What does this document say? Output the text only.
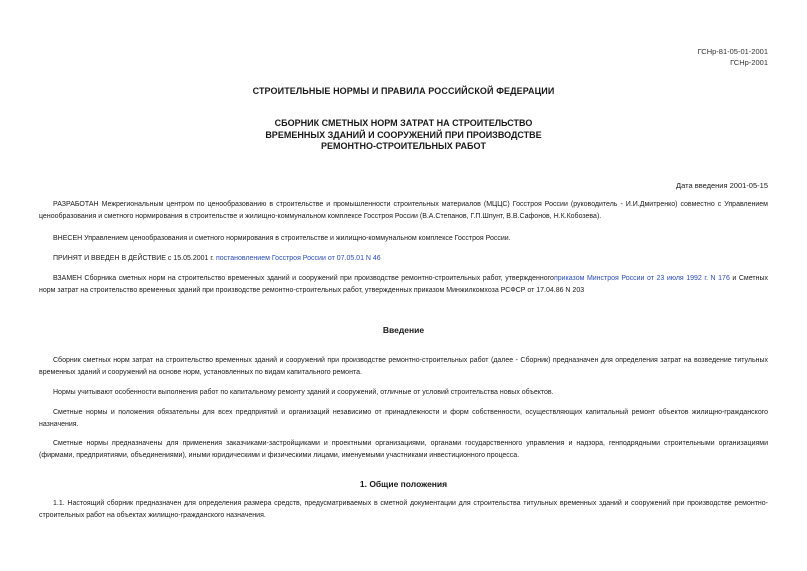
ГСНр-81-05-01-2001
ГСНр-2001
СТРОИТЕЛЬНЫЕ НОРМЫ И ПРАВИЛА РОССИЙСКОЙ ФЕДЕРАЦИИ
СБОРНИК СМЕТНЫХ НОРМ ЗАТРАТ НА СТРОИТЕЛЬСТВО
ВРЕМЕННЫХ ЗДАНИЙ И СООРУЖЕНИЙ ПРИ ПРОИЗВОДСТВЕ
РЕМОНТНО-СТРОИТЕЛЬНЫХ РАБОТ
Дата введения 2001-05-15
РАЗРАБОТАН Межрегиональным центром по ценообразованию в строительстве и промышленности строительных материалов (МЦЦС) Госстроя России (руководитель - И.И.Дмитренко) совместно с Управлением ценообразования и сметного нормирования в строительстве и жилищно-коммунальном комплексе Госстроя России (В.А.Степанов, Г.П.Шпунт, В.В.Сафонов, Н.К.Кобозева).
ВНЕСЕН Управлением ценообразования и сметного нормирования в строительстве и жилищно-коммунальном комплексе Госстроя России.
ПРИНЯТ И ВВЕДЕН В ДЕЙСТВИЕ с 15.05.2001 г. постановлением Госстроя России от 07.05.01 N 46
ВЗАМЕН Сборника сметных норм на строительство временных зданий и сооружений при производстве ремонтно-строительных работ, утвержденногоприказом Минстроя России от 23 июля 1992 г. N 176 и Сметных норм затрат на строительство временных зданий при производстве ремонтно-строительных работ, утвержденных приказом Минжилкомхоза РСФСР от 17.04.86 N 203
Введение
Сборник сметных норм затрат на строительство временных зданий и сооружений при производстве ремонтно-строительных работ (далее - Сборник) предназначен для определения затрат на возведение титульных временных зданий и сооружений на основе норм, установленных по видам капитального ремонта.
Нормы учитывают особенности выполнения работ по капитальному ремонту зданий и сооружений, отличные от условий строительства новых объектов.
Сметные нормы и положения обязательны для всех предприятий и организаций независимо от принадлежности и форм собственности, осуществляющих капитальный ремонт объектов жилищно-гражданского назначения.
Сметные нормы предназначены для применения заказчиками-застройщиками и проектными организациями, органами государственного управления и надзора, генподрядными строительными организациями (фирмами, предприятиями, объединениями), иными юридическими и физическими лицами, именуемыми участниками инвестиционного процесса.
1. Общие положения
1.1. Настоящий сборник предназначен для определения размера средств, предусматриваемых в сметной документации для строительства титульных временных зданий и сооружений при производстве ремонтно-строительных работ на объектах жилищно-гражданского назначения.
